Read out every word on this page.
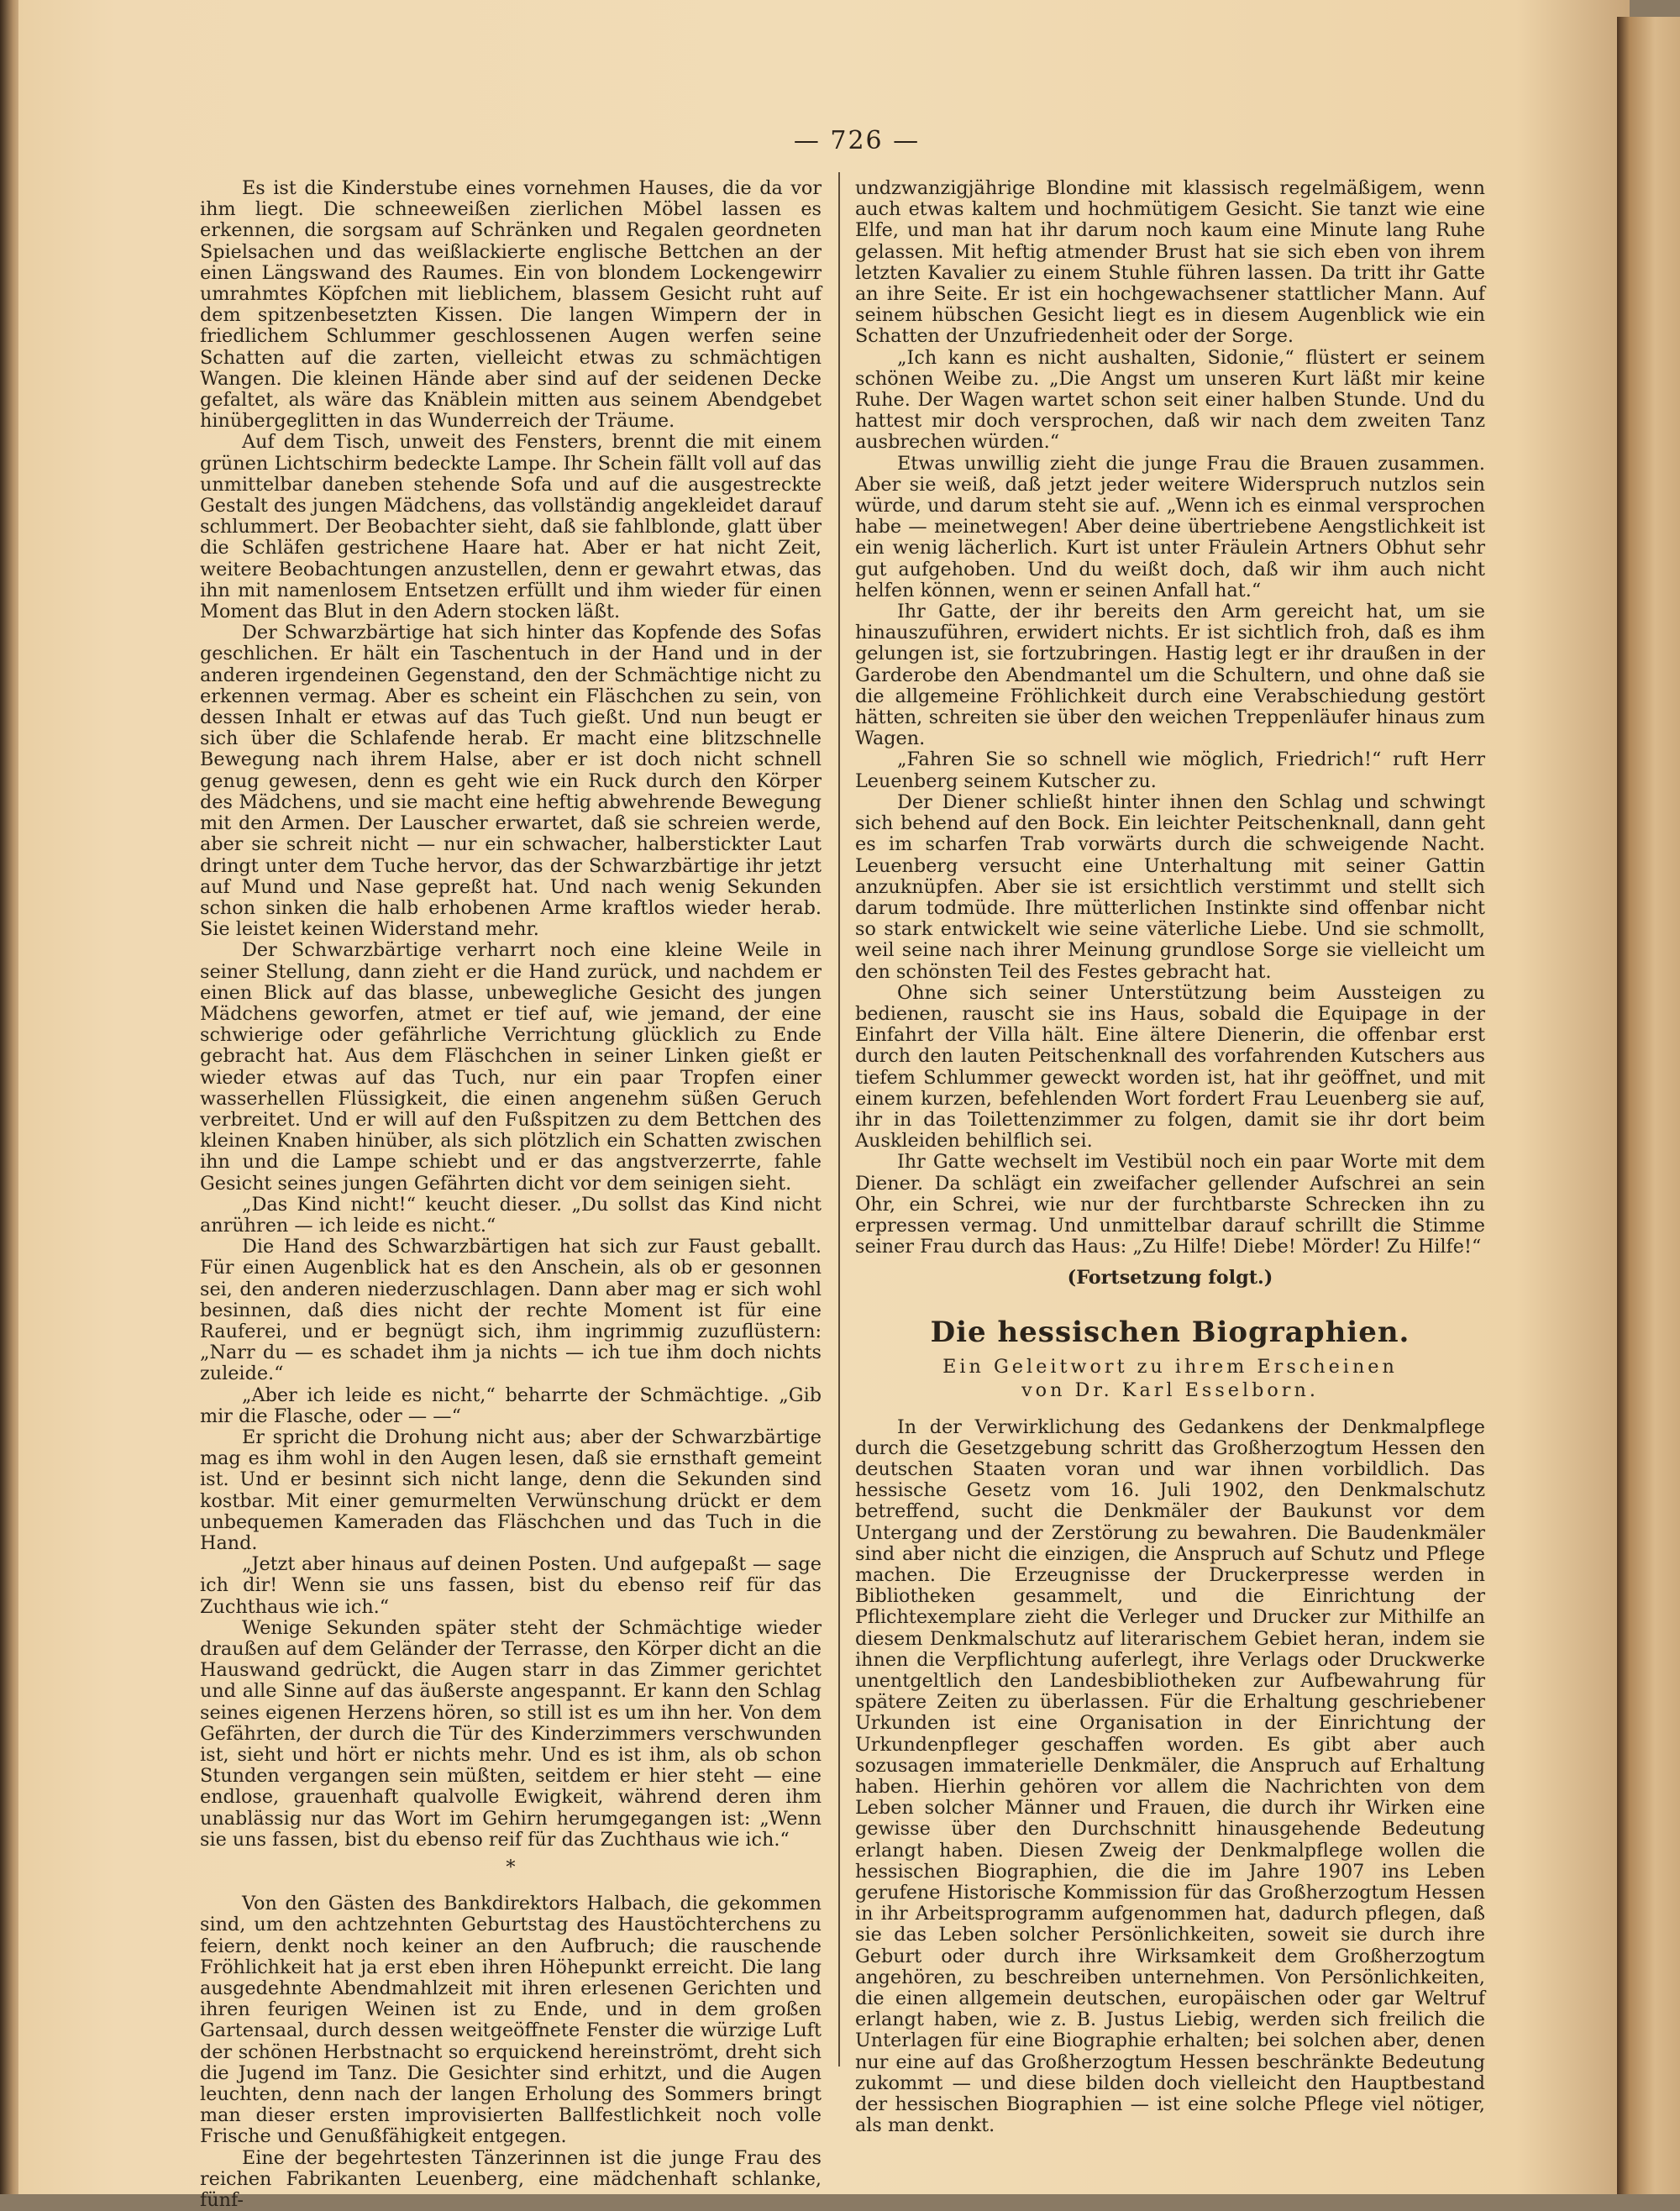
— 726 —

Es ist die Kinderstube eines vornehmen Hauses, die da vor ihm liegt. Die schneeweißen zierlichen Möbel lassen es erkennen, die sorgsam auf Schränken und Regalen geordneten Spielsachen und das weißlackierte englische Bettchen an der einen Längswand des Raumes. Ein von blondem Lockengewirr umrahmtes Köpfchen mit lieblichem, blassem Gesicht ruht auf dem spitzenbesetzten Kissen. Die langen Wimpern der in friedlichem Schlummer geschlossenen Augen werfen seine Schatten auf die zarten, vielleicht etwas zu schmächtigen Wangen. Die kleinen Hände aber sind auf der seidenen Decke gefaltet, als wäre das Knäblein mitten aus seinem Abendgebet hinübergeglitten in das Wunderreich der Träume.

Auf dem Tisch, unweit des Fensters, brennt die mit einem grünen Lichtschirm bedeckte Lampe. Ihr Schein fällt voll auf das unmittelbar daneben stehende Sofa und auf die ausgestreckte Gestalt des jungen Mädchens, das vollständig angekleidet darauf schlummert. Der Beobachter sieht, daß sie fahlblonde, glatt über die Schläfen gestrichene Haare hat. Aber er hat nicht Zeit, weitere Beobachtungen anzustellen, denn er gewahrt etwas, das ihn mit namenlosem Entsetzen erfüllt und ihm wieder für einen Moment das Blut in den Adern stocken läßt.

Der Schwarzbärtige hat sich hinter das Kopfende des Sofas geschlichen. Er hält ein Taschentuch in der Hand und in der anderen irgendeinen Gegenstand, den der Schmächtige nicht zu erkennen vermag. Aber es scheint ein Fläschchen zu sein, von dessen Inhalt er etwas auf das Tuch gießt. Und nun beugt er sich über die Schlafende herab. Er macht eine blitzschnelle Bewegung nach ihrem Halse, aber er ist doch nicht schnell genug gewesen, denn es geht wie ein Ruck durch den Körper des Mädchens, und sie macht eine heftig abwehrende Bewegung mit den Armen. Der Lauscher erwartet, daß sie schreien werde, aber sie schreit nicht — nur ein schwacher, halberstickter Laut dringt unter dem Tuche hervor, das der Schwarzbärtige ihr jetzt auf Mund und Nase gepreßt hat. Und nach wenig Sekunden schon sinken die halb erhobenen Arme kraftlos wieder herab. Sie leistet keinen Widerstand mehr.

Der Schwarzbärtige verharrt noch eine kleine Weile in seiner Stellung, dann zieht er die Hand zurück, und nachdem er einen Blick auf das blasse, unbewegliche Gesicht des jungen Mädchens geworfen, atmet er tief auf, wie jemand, der eine schwierige oder gefährliche Verrichtung glücklich zu Ende gebracht hat. Aus dem Fläschchen in seiner Linken gießt er wieder etwas auf das Tuch, nur ein paar Tropfen einer wasserhellen Flüssigkeit, die einen angenehm süßen Geruch verbreitet. Und er will auf den Fußspitzen zu dem Bettchen des kleinen Knaben hinüber, als sich plötzlich ein Schatten zwischen ihn und die Lampe schiebt und er das angstverzerrte, fahle Gesicht seines jungen Gefährten dicht vor dem seinigen sieht.

„Das Kind nicht!“ keucht dieser. „Du sollst das Kind nicht anrühren — ich leide es nicht.“

Die Hand des Schwarzbärtigen hat sich zur Faust geballt. Für einen Augenblick hat es den Anschein, als ob er gesonnen sei, den anderen niederzuschlagen. Dann aber mag er sich wohl besinnen, daß dies nicht der rechte Moment ist für eine Rauferei, und er begnügt sich, ihm ingrimmig zuzuflüstern: „Narr du — es schadet ihm ja nichts — ich tue ihm doch nichts zuleide.“

„Aber ich leide es nicht,“ beharrte der Schmächtige. „Gib mir die Flasche, oder — —“

Er spricht die Drohung nicht aus; aber der Schwarzbärtige mag es ihm wohl in den Augen lesen, daß sie ernsthaft gemeint ist. Und er besinnt sich nicht lange, denn die Sekunden sind kostbar. Mit einer gemurmelten Verwünschung drückt er dem unbequemen Kameraden das Fläschchen und das Tuch in die Hand.

„Jetzt aber hinaus auf deinen Posten. Und aufgepaßt — sage ich dir! Wenn sie uns fassen, bist du ebenso reif für das Zuchthaus wie ich.“

Wenige Sekunden später steht der Schmächtige wieder draußen auf dem Geländer der Terrasse, den Körper dicht an die Hauswand gedrückt, die Augen starr in das Zimmer gerichtet und alle Sinne auf das äußerste angespannt. Er kann den Schlag seines eigenen Herzens hören, so still ist es um ihn her. Von dem Gefährten, der durch die Tür des Kinderzimmers verschwunden ist, sieht und hört er nichts mehr. Und es ist ihm, als ob schon Stunden vergangen sein müßten, seitdem er hier steht — eine endlose, grauenhaft qualvolle Ewigkeit, während deren ihm unablässig nur das Wort im Gehirn herumgegangen ist: „Wenn sie uns fassen, bist du ebenso reif für das Zuchthaus wie ich.“

*

Von den Gästen des Bankdirektors Halbach, die gekommen sind, um den achtzehnten Geburtstag des Haustöchterchens zu feiern, denkt noch keiner an den Aufbruch; die rauschende Fröhlichkeit hat ja erst eben ihren Höhepunkt erreicht. Die lang ausgedehnte Abendmahlzeit mit ihren erlesenen Gerichten und ihren feurigen Weinen ist zu Ende, und in dem großen Gartensaal, durch dessen weitgeöffnete Fenster die würzige Luft der schönen Herbstnacht so erquickend hereinströmt, dreht sich die Jugend im Tanz. Die Gesichter sind erhitzt, und die Augen leuchten, denn nach der langen Erholung des Sommers bringt man dieser ersten improvisierten Ballfestlichkeit noch volle Frische und Genußfähigkeit entgegen.

Eine der begehrtesten Tänzerinnen ist die junge Frau des reichen Fabrikanten Leuenberg, eine mädchenhaft schlanke, fünf-

undzwanzigjährige Blondine mit klassisch regelmäßigem, wenn auch etwas kaltem und hochmütigem Gesicht. Sie tanzt wie eine Elfe, und man hat ihr darum noch kaum eine Minute lang Ruhe gelassen. Mit heftig atmender Brust hat sie sich eben von ihrem letzten Kavalier zu einem Stuhle führen lassen. Da tritt ihr Gatte an ihre Seite. Er ist ein hochgewachsener stattlicher Mann. Auf seinem hübschen Gesicht liegt es in diesem Augenblick wie ein Schatten der Unzufriedenheit oder der Sorge.

„Ich kann es nicht aushalten, Sidonie,“ flüstert er seinem schönen Weibe zu. „Die Angst um unseren Kurt läßt mir keine Ruhe. Der Wagen wartet schon seit einer halben Stunde. Und du hattest mir doch versprochen, daß wir nach dem zweiten Tanz ausbrechen würden.“

Etwas unwillig zieht die junge Frau die Brauen zusammen. Aber sie weiß, daß jetzt jeder weitere Widerspruch nutzlos sein würde, und darum steht sie auf. „Wenn ich es einmal versprochen habe — meinetwegen! Aber deine übertriebene Aengstlichkeit ist ein wenig lächerlich. Kurt ist unter Fräulein Artners Obhut sehr gut aufgehoben. Und du weißt doch, daß wir ihm auch nicht helfen können, wenn er seinen Anfall hat.“

Ihr Gatte, der ihr bereits den Arm gereicht hat, um sie hinauszuführen, erwidert nichts. Er ist sichtlich froh, daß es ihm gelungen ist, sie fortzubringen. Hastig legt er ihr draußen in der Garderobe den Abendmantel um die Schultern, und ohne daß sie die allgemeine Fröhlichkeit durch eine Verabschiedung gestört hätten, schreiten sie über den weichen Treppenläufer hinaus zum Wagen.

„Fahren Sie so schnell wie möglich, Friedrich!“ ruft Herr Leuenberg seinem Kutscher zu.

Der Diener schließt hinter ihnen den Schlag und schwingt sich behend auf den Bock. Ein leichter Peitschenknall, dann geht es im scharfen Trab vorwärts durch die schweigende Nacht. Leuenberg versucht eine Unterhaltung mit seiner Gattin anzuknüpfen. Aber sie ist ersichtlich verstimmt und stellt sich darum todmüde. Ihre mütterlichen Instinkte sind offenbar nicht so stark entwickelt wie seine väterliche Liebe. Und sie schmollt, weil seine nach ihrer Meinung grundlose Sorge sie vielleicht um den schönsten Teil des Festes gebracht hat.

Ohne sich seiner Unterstützung beim Aussteigen zu bedienen, rauscht sie ins Haus, sobald die Equipage in der Einfahrt der Villa hält. Eine ältere Dienerin, die offenbar erst durch den lauten Peitschenknall des vorfahrenden Kutschers aus tiefem Schlummer geweckt worden ist, hat ihr geöffnet, und mit einem kurzen, befehlenden Wort fordert Frau Leuenberg sie auf, ihr in das Toilettenzimmer zu folgen, damit sie ihr dort beim Auskleiden behilflich sei.

Ihr Gatte wechselt im Vestibül noch ein paar Worte mit dem Diener. Da schlägt ein zweifacher gellender Aufschrei an sein Ohr, ein Schrei, wie nur der furchtbarste Schrecken ihn zu erpressen vermag. Und unmittelbar darauf schrillt die Stimme seiner Frau durch das Haus: „Zu Hilfe! Diebe! Mörder! Zu Hilfe!“

(Fortsetzung folgt.)
Die hessischen Biographien.
Ein Geleitwort zu ihrem Erscheinen
von Dr. Karl Esselborn.

In der Verwirklichung des Gedankens der Denkmalpflege durch die Gesetzgebung schritt das Großherzogtum Hessen den deutschen Staaten voran und war ihnen vorbildlich. Das hessische Gesetz vom 16. Juli 1902, den Denkmalschutz betreffend, sucht die Denkmäler der Baukunst vor dem Untergang und der Zerstörung zu bewahren. Die Baudenkmäler sind aber nicht die einzigen, die Anspruch auf Schutz und Pflege machen. Die Erzeugnisse der Druckerpresse werden in Bibliotheken gesammelt, und die Einrichtung der Pflichtexemplare zieht die Verleger und Drucker zur Mithilfe an diesem Denkmalschutz auf literarischem Gebiet heran, indem sie ihnen die Verpflichtung auferlegt, ihre Verlags oder Druckwerke unentgeltlich den Landesbibliotheken zur Aufbewahrung für spätere Zeiten zu überlassen. Für die Erhaltung geschriebener Urkunden ist eine Organisation in der Einrichtung der Urkundenpfleger geschaffen worden. Es gibt aber auch sozusagen immaterielle Denkmäler, die Anspruch auf Erhaltung haben. Hierhin gehören vor allem die Nachrichten von dem Leben solcher Männer und Frauen, die durch ihr Wirken eine gewisse über den Durchschnitt hinausgehende Bedeutung erlangt haben. Diesen Zweig der Denkmalpflege wollen die hessischen Biographien, die die im Jahre 1907 ins Leben gerufene Historische Kommission für das Großherzogtum Hessen in ihr Arbeitsprogramm aufgenommen hat, dadurch pflegen, daß sie das Leben solcher Persönlichkeiten, soweit sie durch ihre Geburt oder durch ihre Wirksamkeit dem Großherzogtum angehören, zu beschreiben unternehmen. Von Persönlichkeiten, die einen allgemein deutschen, europäischen oder gar Weltruf erlangt haben, wie z. B. Justus Liebig, werden sich freilich die Unterlagen für eine Biographie erhalten; bei solchen aber, denen nur eine auf das Großherzogtum Hessen beschränkte Bedeutung zukommt — und diese bilden doch vielleicht den Hauptbestand der hessischen Biographien — ist eine solche Pflege viel nötiger, als man denkt.
